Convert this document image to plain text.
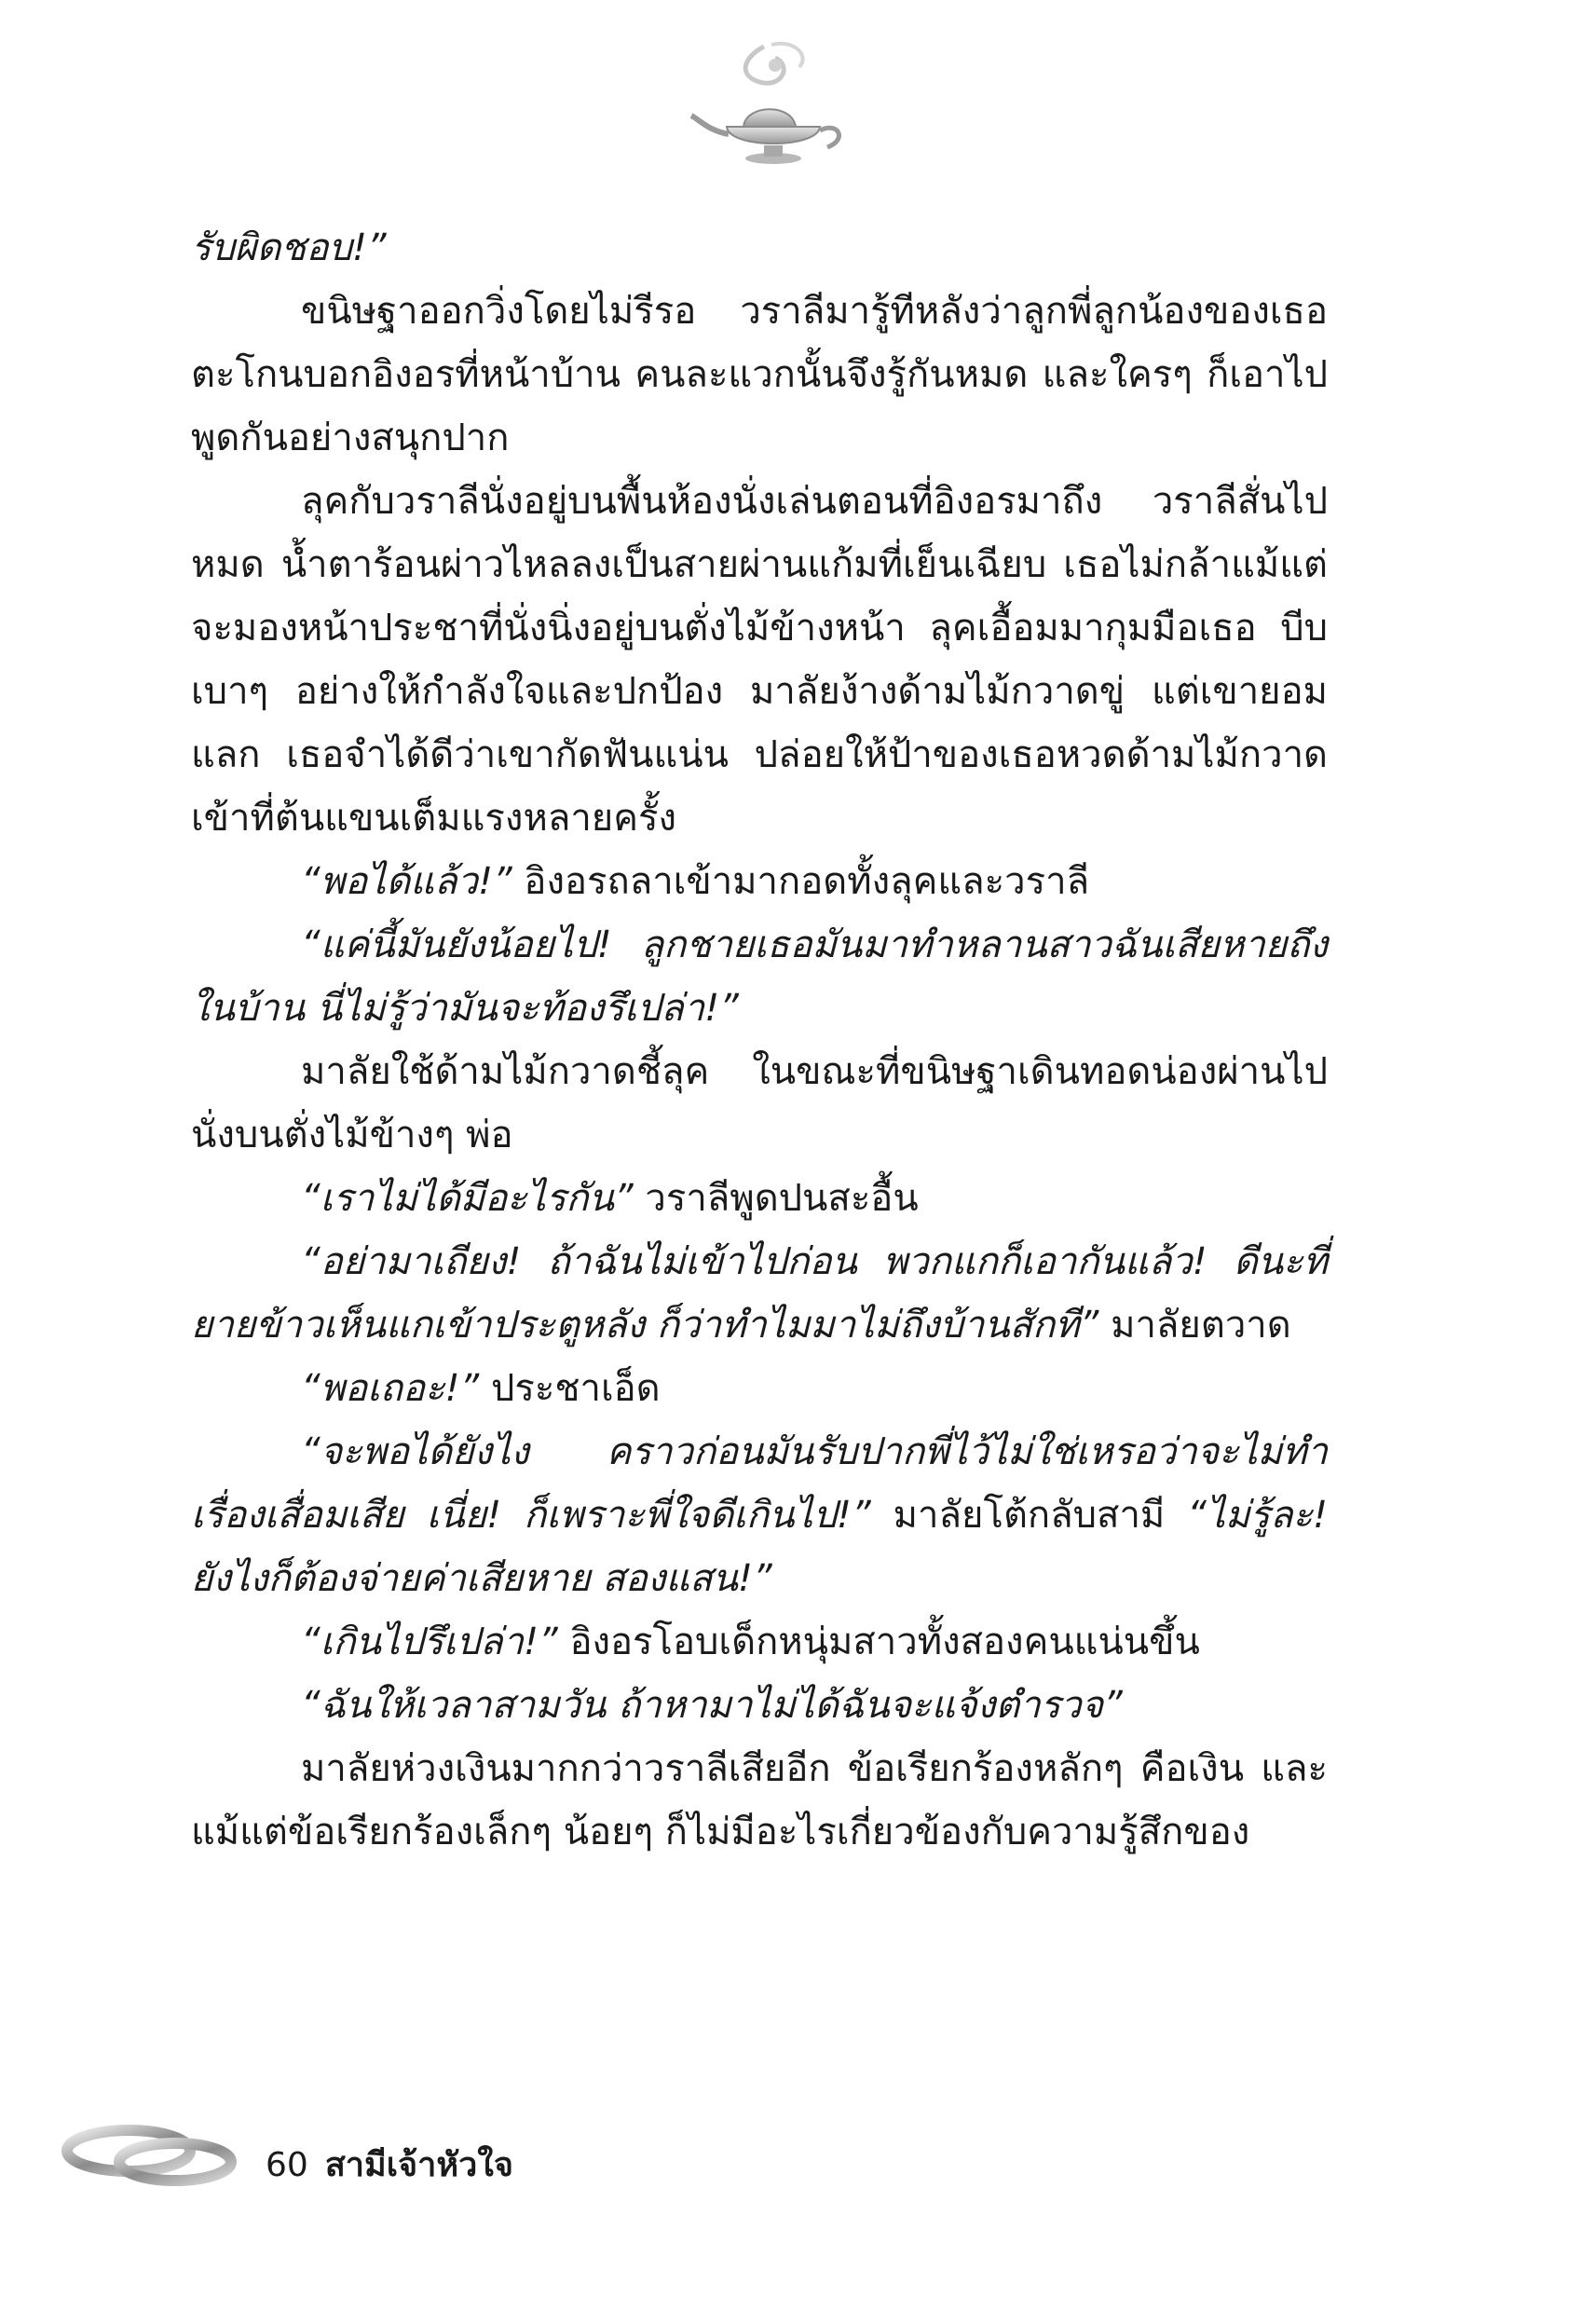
รับผิดชอบ!”

ขนิษฐาออกวิ่งโดยไม่รีรอ วราลีมารู้ทีหลังว่าลูกพี่ลูกน้องของเธอตะโกนบอกอิงอรที่หน้าบ้าน คนละแวกนั้นจึงรู้กันหมด และใครๆ ก็เอาไปพูดกันอย่างสนุกปาก

ลุคกับวราลีนั่งอยู่บนพื้นห้องนั่งเล่นตอนที่อิงอรมาถึง วราลีสั่นไปหมด น้ำตาร้อนผ่าวไหลลงเป็นสายผ่านแก้มที่เย็นเฉียบ เธอไม่กล้าแม้แต่จะมองหน้าประชาที่นั่งนิ่งอยู่บนตั่งไม้ข้างหน้า ลุคเอื้อมมากุมมือเธอ บีบเบาๆ อย่างให้กำลังใจและปกป้อง มาลัยง้างด้ามไม้กวาดขู่ แต่เขายอมแลก เธอจำได้ดีว่าเขากัดฟันแน่น ปล่อยให้ป้าของเธอหวดด้ามไม้กวาดเข้าที่ต้นแขนเต็มแรงหลายครั้ง

“พอได้แล้ว!” อิงอรถลาเข้ามากอดทั้งลุคและวราลี

“แค่นี้มันยังน้อยไป! ลูกชายเธอมันมาทำหลานสาวฉันเสียหายถึงในบ้าน นี่ไม่รู้ว่ามันจะท้องรึเปล่า!”

มาลัยใช้ด้ามไม้กวาดชี้ลุค ในขณะที่ขนิษฐาเดินทอดน่องผ่านไปนั่งบนตั่งไม้ข้างๆ พ่อ

“เราไม่ได้มีอะไรกัน” วราลีพูดปนสะอื้น

“อย่ามาเถียง! ถ้าฉันไม่เข้าไปก่อน พวกแกก็เอากันแล้ว! ดีนะที่ยายข้าวเห็นแกเข้าประตูหลัง ก็ว่าทำไมมาไม่ถึงบ้านสักที” มาลัยตวาด

“พอเถอะ!” ประชาเอ็ด

“จะพอได้ยังไง คราวก่อนมันรับปากพี่ไว้ไม่ใช่เหรอว่าจะไม่ทำเรื่องเสื่อมเสีย เนี่ย! ก็เพราะพี่ใจดีเกินไป!” มาลัยโต้กลับสามี “ไม่รู้ละ! ยังไงก็ต้องจ่ายค่าเสียหาย สองแสน!”

“เกินไปรึเปล่า!” อิงอรโอบเด็กหนุ่มสาวทั้งสองคนแน่นขึ้น

“ฉันให้เวลาสามวัน ถ้าหามาไม่ได้ฉันจะแจ้งตำรวจ”

มาลัยห่วงเงินมากกว่าวราลีเสียอีก ข้อเรียกร้องหลักๆ คือเงิน และแม้แต่ข้อเรียกร้องเล็กๆ น้อยๆ ก็ไม่มีอะไรเกี่ยวข้องกับความรู้สึกของ

60 สามีเจ้าหัวใจ
